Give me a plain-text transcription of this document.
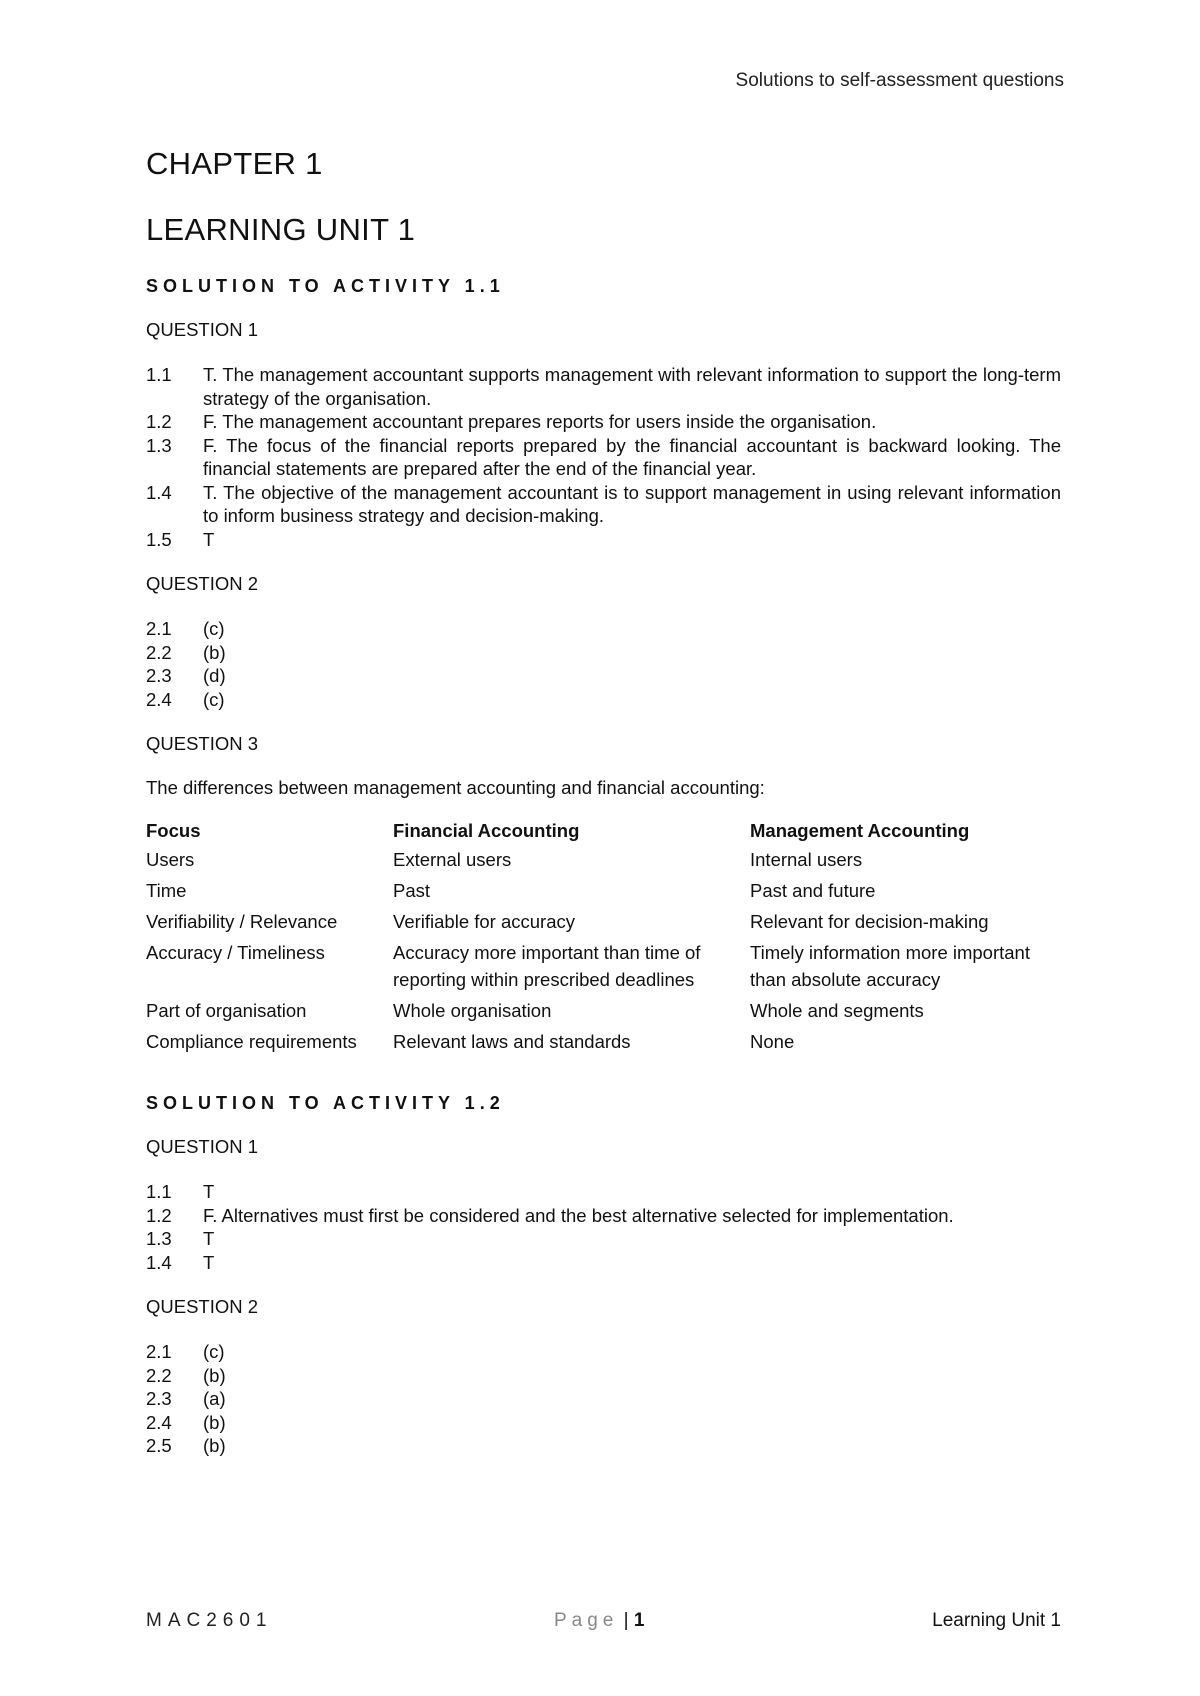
Solutions to self-assessment questions
CHAPTER 1
LEARNING UNIT 1
SOLUTION TO ACTIVITY 1.1
QUESTION 1
1.1	T. The management accountant supports management with relevant information to support the long-term strategy of the organisation.
1.2	F. The management accountant prepares reports for users inside the organisation.
1.3	F. The focus of the financial reports prepared by the financial accountant is backward looking. The financial statements are prepared after the end of the financial year.
1.4	T. The objective of the management accountant is to support management in using relevant information to inform business strategy and decision-making.
1.5	T
QUESTION 2
2.1	(c)
2.2	(b)
2.3	(d)
2.4	(c)
QUESTION 3

The differences between management accounting and financial accounting:

Focus	Financial Accounting	Management Accounting
Users	External users	Internal users
Time	Past	Past and future
Verifiability / Relevance	Verifiable for accuracy	Relevant for decision-making
Accuracy / Timeliness	Accuracy more important than time of reporting within prescribed deadlines	Timely information more important than absolute accuracy
Part of organisation	Whole organisation	Whole and segments
Compliance requirements	Relevant laws and standards	None
SOLUTION TO ACTIVITY 1.2
QUESTION 1
1.1	T
1.2	F. Alternatives must first be considered and the best alternative selected for implementation.
1.3	T
1.4	T
QUESTION 2
2.1	(c)
2.2	(b)
2.3	(a)
2.4	(b)
2.5	(b)
MAC2601	Page | 1	Learning Unit 1
